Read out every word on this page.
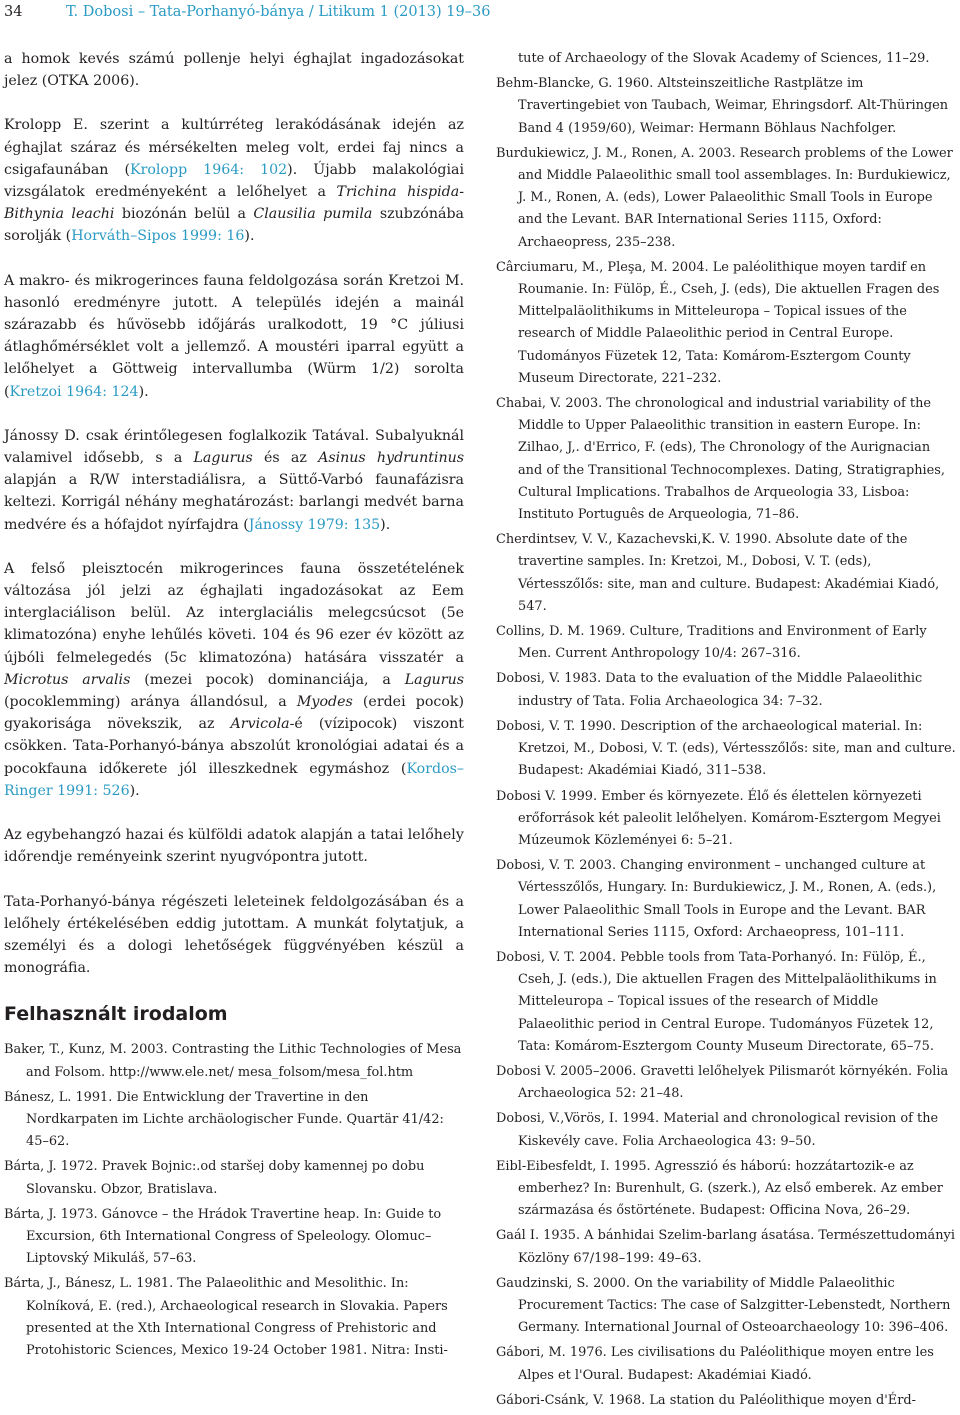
34	T. Dobosi – Tata-Porhanyó-bánya / Litikum 1 (2013) 19–36

a homok kevés számú pollenje helyi éghajlat ingadozásokat jelez (OTKA 2006).

Krolopp E. szerint a kultúrréteg lerakódásának idején az éghajlat száraz és mérsékelten meleg volt, erdei faj nincs a csigafaunában (Krolopp 1964: 102). Újabb malakológiai vizsgálatok eredményeként a lelőhelyet a Trichina hispida-Bithynia leachi biozónán belül a Clausilia pumila szubzónába sorolják (Horváth–Sipos 1999: 16).

A makro- és mikrogerinces fauna feldolgozása során Kretzoi M. hasonló eredményre jutott. A település idején a mainál szárazabb és hűvösebb időjárás uralkodott, 19 °C júliusi átlaghőmérséklet volt a jellemző. A moustéri iparral együtt a lelőhelyet a Göttweig intervallumba (Würm 1/2) sorolta (Kretzoi 1964: 124).

Jánossy D. csak érintőlegesen foglalkozik Tatával. Subalyuknál valamivel idősebb, s a Lagurus és az Asinus hydruntinus alapján a R/W interstadiálisra, a Süttő-Varbó faunafázisra keltezi. Korrigál néhány meghatározást: barlangi medvét barna medvére és a hófajdot nyírfajdra (Jánossy 1979: 135).

A felső pleisztocén mikrogerinces fauna összetételének változása jól jelzi az éghajlati ingadozásokat az Eem interglaciálison belül. Az interglaciális melegcsúcsot (5e klimatozóna) enyhe lehűlés követi. 104 és 96 ezer év között az újbóli felmelegedés (5c klimatozóna) hatására visszatér a Microtus arvalis (mezei pocok) dominanciája, a Lagurus (pocoklemming) aránya állandósul, a Myodes (erdei pocok) gyakorisága növekszik, az Arvicola-é (vízipocok) viszont csökken. Tata-Porhanyó-bánya abszolút kronológiai adatai és a pocokfauna időkerete jól illeszkednek egymáshoz (Kordos–Ringer 1991: 526).

Az egybehangzó hazai és külföldi adatok alapján a tatai lelőhely időrendje reményeink szerint nyugvópontra jutott.

Tata-Porhanyó-bánya régészeti leleteinek feldolgozásában és a lelőhely értékelésében eddig jutottam. A munkát folytatjuk, a személyi és a dologi lehetőségek függvényében készül a monográfia.

Felhasznált irodalom
Baker, T., Kunz, M. 2003. Contrasting the Lithic Technologies of Mesa and Folsom. http://www.ele.net/ mesa_folsom/mesa_fol.htm
Bánesz, L. 1991. Die Entwicklung der Travertine in den Nordkarpaten im Lichte archäologischer Funde. Quartär 41/42: 45–62.
Bárta, J. 1972. Pravek Bojnic:.od staršej doby kamennej po dobu Slovansku. Obzor, Bratislava.
Bárta, J. 1973. Gánovce – the Hrádok Travertine heap. In: Guide to Excursion, 6th International Congress of Speleology. Olomuc–Liptovský Mikuláš, 57–63.
Bárta, J., Bánesz, L. 1981. The Palaeolithic and Mesolithic. In: Kolníková, E. (red.), Archaeological research in Slovakia. Papers presented at the Xth International Congress of Prehistoric and Protohistoric Sciences, Mexico 19-24 October 1981. Nitra: Insti-
tute of Archaeology of the Slovak Academy of Sciences, 11–29.
Behm-Blancke, G. 1960. Altsteinszeitliche Rastplätze im Travertingebiet von Taubach, Weimar, Ehringsdorf. Alt-Thüringen Band 4 (1959/60), Weimar: Hermann Böhlaus Nachfolger.
Burdukiewicz, J. M., Ronen, A. 2003. Research problems of the Lower and Middle Palaeolithic small tool assemblages. In: Burdukiewicz, J. M., Ronen, A. (eds), Lower Palaeolithic Small Tools in Europe and the Levant. BAR International Series 1115, Oxford: Archaeopress, 235–238.
Cârciumaru, M., Pleşa, M. 2004. Le paléolithique moyen tardif en Roumanie. In: Fülöp, É., Cseh, J. (eds), Die aktuellen Fragen des Mittelpaläolithikums in Mitteleuropa – Topical issues of the research of Middle Palaeolithic period in Central Europe. Tudományos Füzetek 12, Tata: Komárom-Esztergom County Museum Directorate, 221–232.
Chabai, V. 2003. The chronological and industrial variability of the Middle to Upper Palaeolithic transition in eastern Europe. In: Zilhao, J,. d'Errico, F. (eds), The Chronology of the Aurignacian and of the Transitional Technocomplexes. Dating, Stratigraphies, Cultural Implications. Trabalhos de Arqueologia 33, Lisboa: Instituto Português de Arqueologia, 71–86.
Cherdintsev, V. V., Kazachevski,K. V. 1990. Absolute date of the travertine samples. In: Kretzoi, M., Dobosi, V. T. (eds), Vértesszőlős: site, man and culture. Budapest: Akadémiai Kiadó, 547.
Collins, D. M. 1969. Culture, Traditions and Environment of Early Men. Current Anthropology 10/4: 267–316.
Dobosi, V. 1983. Data to the evaluation of the Middle Palaeolithic industry of Tata. Folia Archaeologica 34: 7–32.
Dobosi, V. T. 1990. Description of the archaeological material. In: Kretzoi, M., Dobosi, V. T. (eds), Vértesszőlős: site, man and culture. Budapest: Akadémiai Kiadó, 311–538.
Dobosi V. 1999. Ember és környezete. Élő és élettelen környezeti erőforrások két paleolit lelőhelyen. Komárom-Esztergom Megyei Múzeumok Közleményei 6: 5–21.
Dobosi, V. T. 2003. Changing environment – unchanged culture at Vértesszőlős, Hungary. In: Burdukiewicz, J. M., Ronen, A. (eds.), Lower Palaeolithic Small Tools in Europe and the Levant. BAR International Series 1115, Oxford: Archaeopress, 101–111.
Dobosi, V. T. 2004. Pebble tools from Tata-Porhanyó. In: Fülöp, É., Cseh, J. (eds.), Die aktuellen Fragen des Mittelpaläolithikums in Mitteleuropa – Topical issues of the research of Middle Palaeolithic period in Central Europe. Tudományos Füzetek 12, Tata: Komárom-Esztergom County Museum Directorate, 65–75.
Dobosi V. 2005–2006. Gravetti lelőhelyek Pilismarót környékén. Folia Archaeologica 52: 21–48.
Dobosi, V.,Vörös, I. 1994. Material and chronological revision of the Kiskevély cave. Folia Archaeologica 43: 9–50.
Eibl-Eibesfeldt, I. 1995. Agresszió és háború: hozzátartozik-e az emberhez? In: Burenhult, G. (szerk.), Az első emberek. Az ember származása és őstörténete. Budapest: Officina Nova, 26–29.
Gaál I. 1935. A bánhidai Szelim-barlang ásatása. Természettudományi Közlöny 67/198–199: 49–63.
Gaudzinski, S. 2000. On the variability of Middle Palaeolithic Procurement Tactics: The case of Salzgitter-Lebenstedt, Northern Germany. International Journal of Osteoarchaeology 10: 396–406.
Gábori, M. 1976. Les civilisations du Paléolithique moyen entre les Alpes et l'Oural. Budapest: Akadémiai Kiadó.
Gábori-Csánk, V. 1968. La station du Paléolithique moyen d'Érd-
